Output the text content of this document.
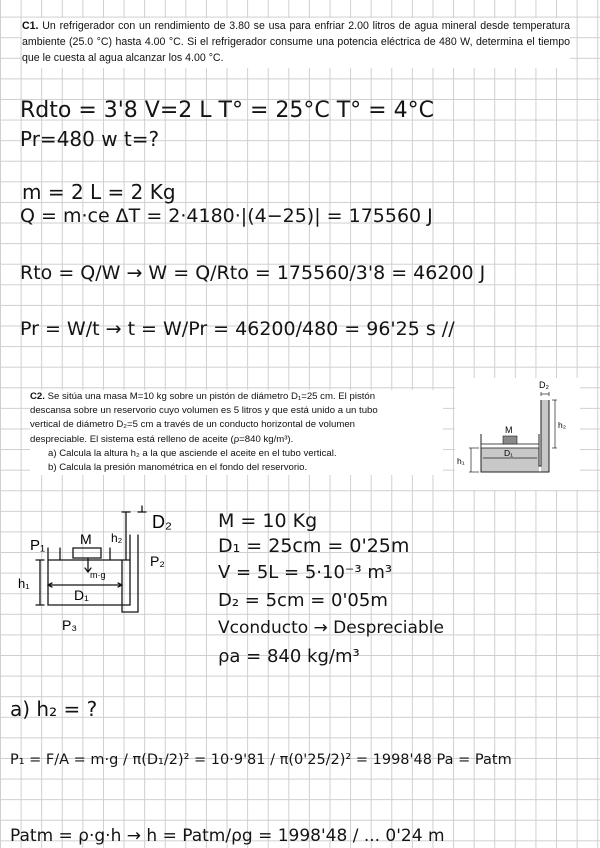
C1. Un refrigerador con un rendimiento de 3.80 se usa para enfriar 2.00 litros de agua mineral desde temperatura ambiente (25.0 °C) hasta 4.00 °C. Si el refrigerador consume una potencia eléctrica de 480 W, determina el tiempo que le cuesta al agua alcanzar los 4.00 °C.
Rdto = 3'8 V=2 L T° = 25°C T° = 4°C
Pr=480 w t=?
m = 2 L = 2 Kg
Q = m·ce ΔT = 2·4180·|(4−25)| = 175560 J
Rto = Q/W → W = Q/Rto = 175560/3'8 = 46200 J
Pr = W/t → t = W/Pr = 46200/480 = 96'25 s //
C2. Se sitúa una masa M=10 kg sobre un pistón de diámetro D₁=25 cm. El pistón
descansa sobre un reservorio cuyo volumen es 5 litros y que está unido a un tubo
vertical de diámetro D₂=5 cm a través de un conducto horizontal de volumen
despreciable. El sistema está relleno de aceite (ρ=840 kg/m³).
a) Calcula la altura h₂ a la que asciende el aceite en el tubo vertical.
b) Calcula la presión manométrica en el fondo del reservorio.
D₂
M
D₁
h₁
h₂
P₁ M
m·g
h₂
h₁
D₁
P₂
P₃
D₂ M = 10 Kg
D₁ = 25cm = 0'25m
V = 5L = 5·10⁻³ m³
D₂ = 5cm = 0'05m
Vconducto → Despreciable
ρa = 840 kg/m³
a) h₂ = ?
P₁ = F/A = m·g / π(D₁/2)² = 10·9'81 / π(0'25/2)² = 1998'48 Pa = Patm
Patm = ρ·g·h → h = Patm/ρg = 1998'48 / ... 0'24 m
